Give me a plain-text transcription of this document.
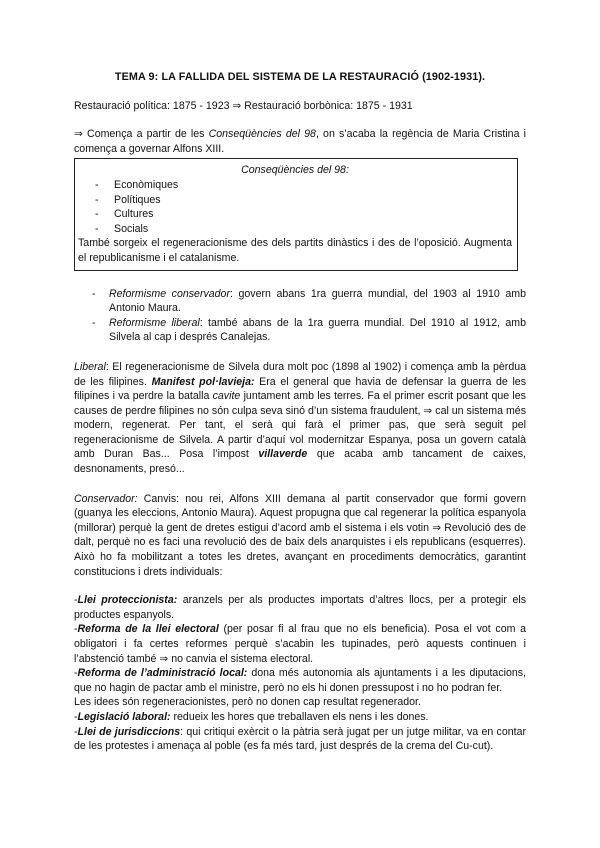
TEMA 9: LA FALLIDA DEL SISTEMA DE LA RESTAURACIÓ (1902-1931).

Restauració política: 1875 - 1923 ⇒ Restauració borbònica: 1875 - 1931

⇒ Comença a partir de les Conseqüències del 98, on s’acaba la regència de Maria Cristina i comença a governar Alfons XIII.

Conseqüències del 98:
- Econòmiques
- Polítiques
- Cultures
- Socials

També sorgeix el regeneracionisme des dels partits dinàstics i des de l’oposició. Augmenta el republicanisme i el catalanisme.

- Reformisme conservador: govern abans 1ra guerra mundial, del 1903 al 1910 amb Antonio Maura.
- Reformisme liberal: també abans de la 1ra guerra mundial. Del 1910 al 1912, amb Silvela al cap i després Canalejas.

Liberal: El regeneracionisme de Silvela dura molt poc (1898 al 1902) i comença amb la pèrdua de les filipines. Manifest pol·lavieja: Era el general que havia de defensar la guerra de les filipines i va perdre la batalla cavite juntament amb les terres. Fa el primer escrit posant que les causes de perdre filipines no són culpa seva sinó d’un sistema fraudulent, ⇒ cal un sistema més modern, regenerat. Per tant, el serà qui farà el primer pas, que serà seguit pel regeneracionisme de Silvela. A partir d’aquí vol modernitzar Espanya, posa un govern català amb Duran Bas... Posa l’impost villaverde que acaba amb tancament de caixes, desnonaments, presó...

Conservador: Canvis: nou rei, Alfons XIII demana al partit conservador que formi govern (guanya les eleccions, Antonio Maura). Aquest propugna que cal regenerar la política espanyola (millorar) perquè la gent de dretes estigui d’acord amb el sistema i els votin ⇒ Revolució des de dalt, perquè no es faci una revolució des de baix dels anarquistes i els republicans (esquerres). Això ho fa mobilitzant a totes les dretes, avançant en procediments democràtics, garantint constitucions i drets individuals:

-Llei proteccionista: aranzels per als productes importats d’altres llocs, per a protegir els productes espanyols.

-Reforma de la llei electoral (per posar fi al frau que no els beneficia). Posa el vot com a obligatori i fa certes reformes perquè s’acabin les tupinades, però aquests continuen i l’abstenció també ⇒ no canvia el sistema electoral.

-Reforma de l’administració local: dona més autonomia als ajuntaments i a les diputacions, que no hagin de pactar amb el ministre, però no els hi donen pressupost i no ho podran fer.

Les idees són regeneracionistes, però no donen cap resultat regenerador.

-Legislació laboral: redueix les hores que treballaven els nens i les dones.

-Llei de jurisdiccions: qui critiqui exèrcit o la pàtria serà jugat per un jutge militar, va en contar de les protestes i amenaça al poble (es fa més tard, just després de la crema del Cu-cut).
